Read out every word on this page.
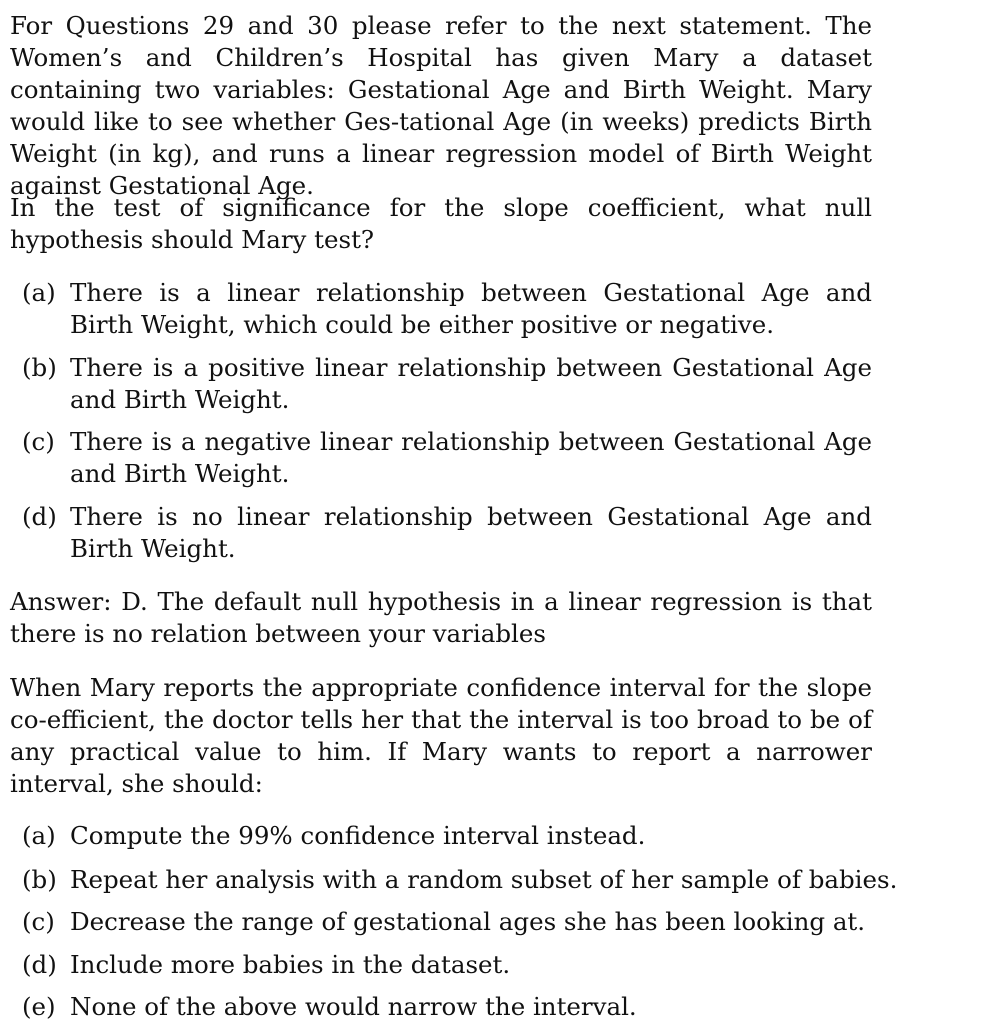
For Questions 29 and 30 please refer to the next statement. The Women’s and Children’s Hospital has given Mary a dataset containing two variables: Gestational Age and Birth Weight. Mary would like to see whether Ges-tational Age (in weeks) predicts Birth Weight (in kg), and runs a linear regression model of Birth Weight against Gestational Age.

In the test of significance for the slope coefficient, what null hypothesis should Mary test?

(a) There is a linear relationship between Gestational Age and Birth Weight, which could be either positive or negative.
(b) There is a positive linear relationship between Gestational Age and Birth Weight.
(c) There is a negative linear relationship between Gestational Age and Birth Weight.
(d) There is no linear relationship between Gestational Age and Birth Weight.

Answer: D. The default null hypothesis in a linear regression is that there is no relation between your variables

When Mary reports the appropriate confidence interval for the slope co-efficient, the doctor tells her that the interval is too broad to be of any practical value to him. If Mary wants to report a narrower interval, she should:

(a) Compute the 99% confidence interval instead.
(b) Repeat her analysis with a random subset of her sample of babies.
(c) Decrease the range of gestational ages she has been looking at.
(d) Include more babies in the dataset.
(e) None of the above would narrow the interval.
